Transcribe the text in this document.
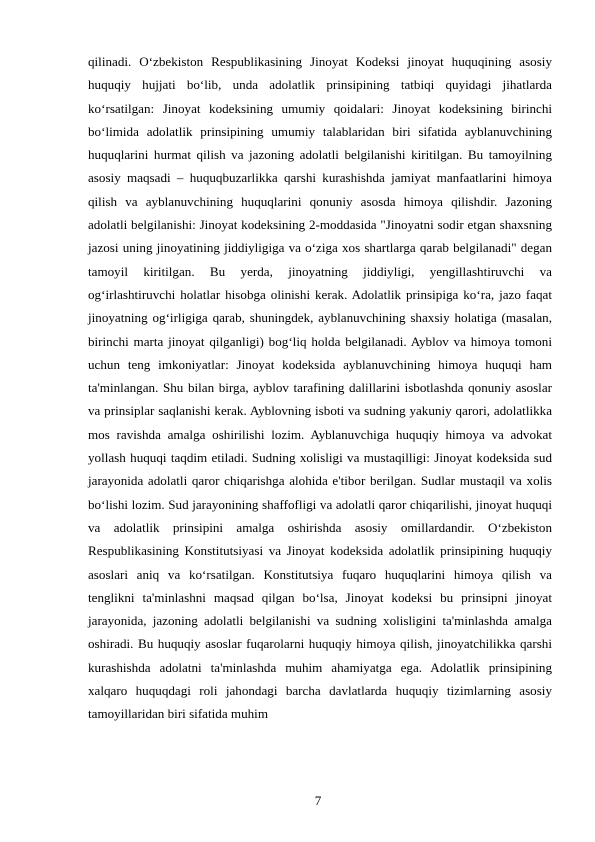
qilinadi. O‘zbekiston Respublikasining Jinoyat Kodeksi jinoyat huquqining asosiy huquqiy hujjati bo‘lib, unda adolatlik prinsipining tatbiqi quyidagi jihatlarda ko‘rsatilgan: Jinoyat kodeksining umumiy qoidalari: Jinoyat kodeksining birinchi bo‘limida adolatlik prinsipining umumiy talablaridan biri sifatida ayblanuvchining huquqlarini hurmat qilish va jazoning adolatli belgilanishi kiritilgan. Bu tamoyilning asosiy maqsadi – huquqbuzarlikka qarshi kurashishda jamiyat manfaatlarini himoya qilish va ayblanuvchining huquqlarini qonuniy asosda himoya qilishdir. Jazoning adolatli belgilanishi: Jinoyat kodeksining 2-moddasida "Jinoyatni sodir etgan shaxsning jazosi uning jinoyatining jiddiyligiga va o‘ziga xos shartlarga qarab belgilanadi" degan tamoyil kiritilgan. Bu yerda, jinoyatning jiddiyligi, yengillashtiruvchi va og‘irlashtiruvchi holatlar hisobga olinishi kerak. Adolatlik prinsipiga ko‘ra, jazo faqat jinoyatning og‘irligiga qarab, shuningdek, ayblanuvchining shaxsiy holatiga (masalan, birinchi marta jinoyat qilganligi) bog‘liq holda belgilanadi. Ayblov va himoya tomoni uchun teng imkoniyatlar: Jinoyat kodeksida ayblanuvchining himoya huquqi ham ta'minlangan. Shu bilan birga, ayblov tarafining dalillarini isbotlashda qonuniy asoslar va prinsiplar saqlanishi kerak. Ayblovning isboti va sudning yakuniy qarori, adolatlikka mos ravishda amalga oshirilishi lozim. Ayblanuvchiga huquqiy himoya va advokat yollash huquqi taqdim etiladi. Sudning xolisligi va mustaqilligi: Jinoyat kodeksida sud jarayonida adolatli qaror chiqarishga alohida e'tibor berilgan. Sudlar mustaqil va xolis bo‘lishi lozim. Sud jarayonining shaffofligi va adolatli qaror chiqarilishi, jinoyat huquqi va adolatlik prinsipini amalga oshirishda asosiy omillardandir. O‘zbekiston Respublikasining Konstitutsiyasi va Jinoyat kodeksida adolatlik prinsipining huquqiy asoslari aniq va ko‘rsatilgan. Konstitutsiya fuqaro huquqlarini himoya qilish va tenglikni ta'minlashni maqsad qilgan bo‘lsa, Jinoyat kodeksi bu prinsipni jinoyat jarayonida, jazoning adolatli belgilanishi va sudning xolisligini ta'minlashda amalga oshiradi. Bu huquqiy asoslar fuqarolarni huquqiy himoya qilish, jinoyatchilikka qarshi kurashishda adolatni ta'minlashda muhim ahamiyatga ega. Adolatlik prinsipining xalqaro huquqdagi roli jahondagi barcha davlatlarda huquqiy tizimlarning asosiy tamoyillaridan biri sifatida muhim
7
